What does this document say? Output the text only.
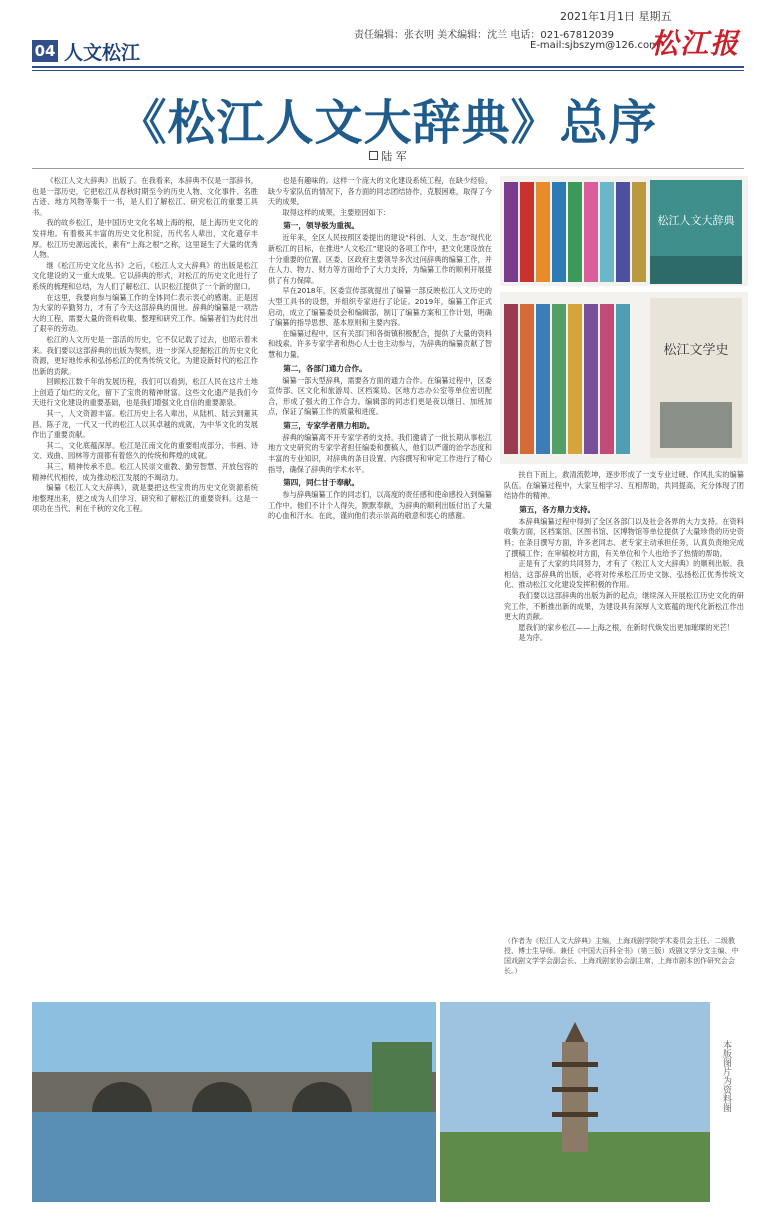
04 人文松江
2021年1月1日 星期五
责任编辑：张衣明 美术编辑：沈兰 电话：021-67812039
E-mail:sjbszym@126.com
松江报
《松江人文大辞典》总序
陆 军

《松江人文大辞典》出版了。在我看来，本辞典不仅是一部辞书，也是一部历史，它把松江从春秋时期至今的历史人物、文化事件、名胜古迹、地方风物等集于一书，是人们了解松江、研究松江的重要工具书。

我的故乡松江，是中国历史文化名城上海的根，是上海历史文化的发祥地。有着极其丰富的历史文化积淀，历代名人辈出，文化遗存丰厚。松江历史源远流长，素有“上海之根”之称，这里诞生了大量的优秀人物。

继《松江历史文化丛书》之后，《松江人文大辞典》的出版是松江文化建设的又一重大成果。它以辞典的形式，对松江的历史文化进行了系统的梳理和总结，为人们了解松江、认识松江提供了一个新的窗口。

在这里，我要向参与编纂工作的全体同仁表示衷心的感谢。正是因为大家的辛勤努力，才有了今天这部辞典的面世。辞典的编纂是一项浩大的工程，需要大量的资料收集、整理和研究工作。编纂者们为此付出了艰辛的劳动。

松江的人文历史是一部活的历史，它不仅记载了过去，也昭示着未来。我们要以这部辞典的出版为契机，进一步深入挖掘松江的历史文化资源，更好地传承和弘扬松江的优秀传统文化，为建设新时代的松江作出新的贡献。

回顾松江数千年的发展历程，我们可以看到，松江人民在这片土地上创造了灿烂的文化，留下了宝贵的精神财富。这些文化遗产是我们今天进行文化建设的重要基础，也是我们增强文化自信的重要源泉。

其一，人文资源丰富。松江历史上名人辈出，从陆机、陆云到董其昌、陈子龙，一代又一代的松江人以其卓越的成就，为中华文化的发展作出了重要贡献。

其二，文化底蕴深厚。松江是江南文化的重要组成部分，书画、诗文、戏曲、园林等方面都有着悠久的传统和辉煌的成就。

其三，精神传承不息。松江人民崇文重教、勤劳智慧、开放包容的精神代代相传，成为推动松江发展的不竭动力。

编纂《松江人文大辞典》，就是要把这些宝贵的历史文化资源系统地整理出来，使之成为人们学习、研究和了解松江的重要资料。这是一项功在当代、利在千秋的文化工程。

也是有趣味的。这样一个庞大的文化建设系统工程，在缺少经验、缺少专家队伍的情况下，各方面的同志团结协作，克服困难，取得了今天的成果。

取得这样的成果，主要原因如下：

第一，领导极为重视。

近年来，全区人民按照区委提出的建设“科创、人文、生态”现代化新松江的目标，在推进“人文松江”建设的各项工作中，把文化建设放在十分重要的位置。区委、区政府主要领导多次过问辞典的编纂工作，并在人力、物力、财力等方面给予了大力支持，为编纂工作的顺利开展提供了有力保障。

早在2018年，区委宣传部就提出了编纂一部反映松江人文历史的大型工具书的设想，并组织专家进行了论证。2019年，编纂工作正式启动，成立了编纂委员会和编辑部，制订了编纂方案和工作计划，明确了编纂的指导思想、基本原则和主要内容。

在编纂过程中，区有关部门和各街镇积极配合，提供了大量的资料和线索。许多专家学者和热心人士也主动参与，为辞典的编纂贡献了智慧和力量。

第二，各部门通力合作。

编纂一部大型辞典，需要各方面的通力合作。在编纂过程中，区委宣传部、区文化和旅游局、区档案局、区地方志办公室等单位密切配合，形成了强大的工作合力。编辑部的同志们更是夜以继日、加班加点，保证了编纂工作的质量和进度。

第三，专家学者鼎力相助。

辞典的编纂离不开专家学者的支持。我们邀请了一批长期从事松江地方文史研究的专家学者担任编委和撰稿人，他们以严谨的治学态度和丰富的专业知识，对辞典的条目设置、内容撰写和审定工作进行了精心指导，确保了辞典的学术水平。

第四，同仁甘于奉献。

参与辞典编纂工作的同志们，以高度的责任感和使命感投入到编纂工作中。他们不计个人得失，默默奉献，为辞典的顺利出版付出了大量的心血和汗水。在此，谨向他们表示崇高的敬意和衷心的感谢。

松江人文大辞典
松江文学史

扶自下而上，救清流乾坤，逐步形成了一支专业过硬、作风扎实的编纂队伍。在编纂过程中，大家互相学习、互相帮助，共同提高，充分体现了团结协作的精神。

第五，各方鼎力支持。

本辞典编纂过程中得到了全区各部门以及社会各界的大力支持。在资料收集方面，区档案馆、区图书馆、区博物馆等单位提供了大量珍贵的历史资料；在条目撰写方面，许多老同志、老专家主动承担任务，认真负责地完成了撰稿工作；在审稿校对方面，有关单位和个人也给予了热情的帮助。

正是有了大家的共同努力，才有了《松江人文大辞典》的顺利出版。我相信，这部辞典的出版，必将对传承松江历史文脉、弘扬松江优秀传统文化、推动松江文化建设发挥积极的作用。

我们要以这部辞典的出版为新的起点，继续深入开展松江历史文化的研究工作，不断推出新的成果，为建设具有深厚人文底蕴的现代化新松江作出更大的贡献。

愿我们的家乡松江——上海之根，在新时代焕发出更加璀璨的光芒！

是为序。

（作者为《松江人文大辞典》主编，上海戏剧学院学术委员会主任、二级教授、博士生导师。兼任《中国大百科全书》（第三版）戏剧文学分支主编、中国戏剧文学学会副会长、上海戏剧家协会副主席、上海市剧本创作研究会会长。）
本版图片为资料图
